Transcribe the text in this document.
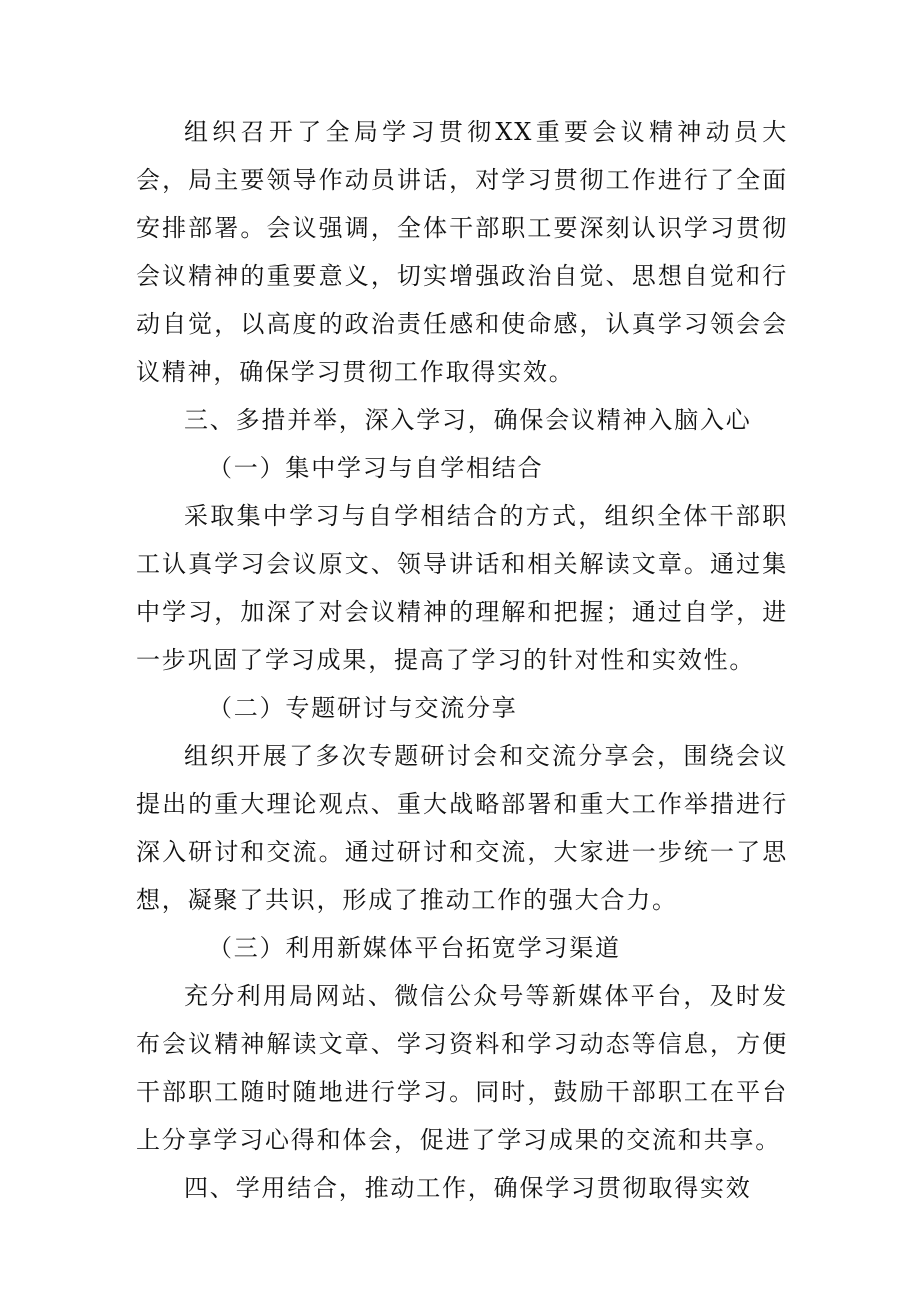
组织召开了全局学习贯彻XX重要会议精神动员大会，局主要领导作动员讲话，对学习贯彻工作进行了全面安排部署。会议强调，全体干部职工要深刻认识学习贯彻会议精神的重要意义，切实增强政治自觉、思想自觉和行动自觉，以高度的政治责任感和使命感，认真学习领会会议精神，确保学习贯彻工作取得实效。

三、多措并举，深入学习，确保会议精神入脑入心

（一）集中学习与自学相结合

采取集中学习与自学相结合的方式，组织全体干部职工认真学习会议原文、领导讲话和相关解读文章。通过集中学习，加深了对会议精神的理解和把握；通过自学，进一步巩固了学习成果，提高了学习的针对性和实效性。

（二）专题研讨与交流分享

组织开展了多次专题研讨会和交流分享会，围绕会议提出的重大理论观点、重大战略部署和重大工作举措进行深入研讨和交流。通过研讨和交流，大家进一步统一了思想，凝聚了共识，形成了推动工作的强大合力。

（三）利用新媒体平台拓宽学习渠道

充分利用局网站、微信公众号等新媒体平台，及时发布会议精神解读文章、学习资料和学习动态等信息，方便干部职工随时随地进行学习。同时，鼓励干部职工在平台上分享学习心得和体会，促进了学习成果的交流和共享。

四、学用结合，推动工作，确保学习贯彻取得实效
